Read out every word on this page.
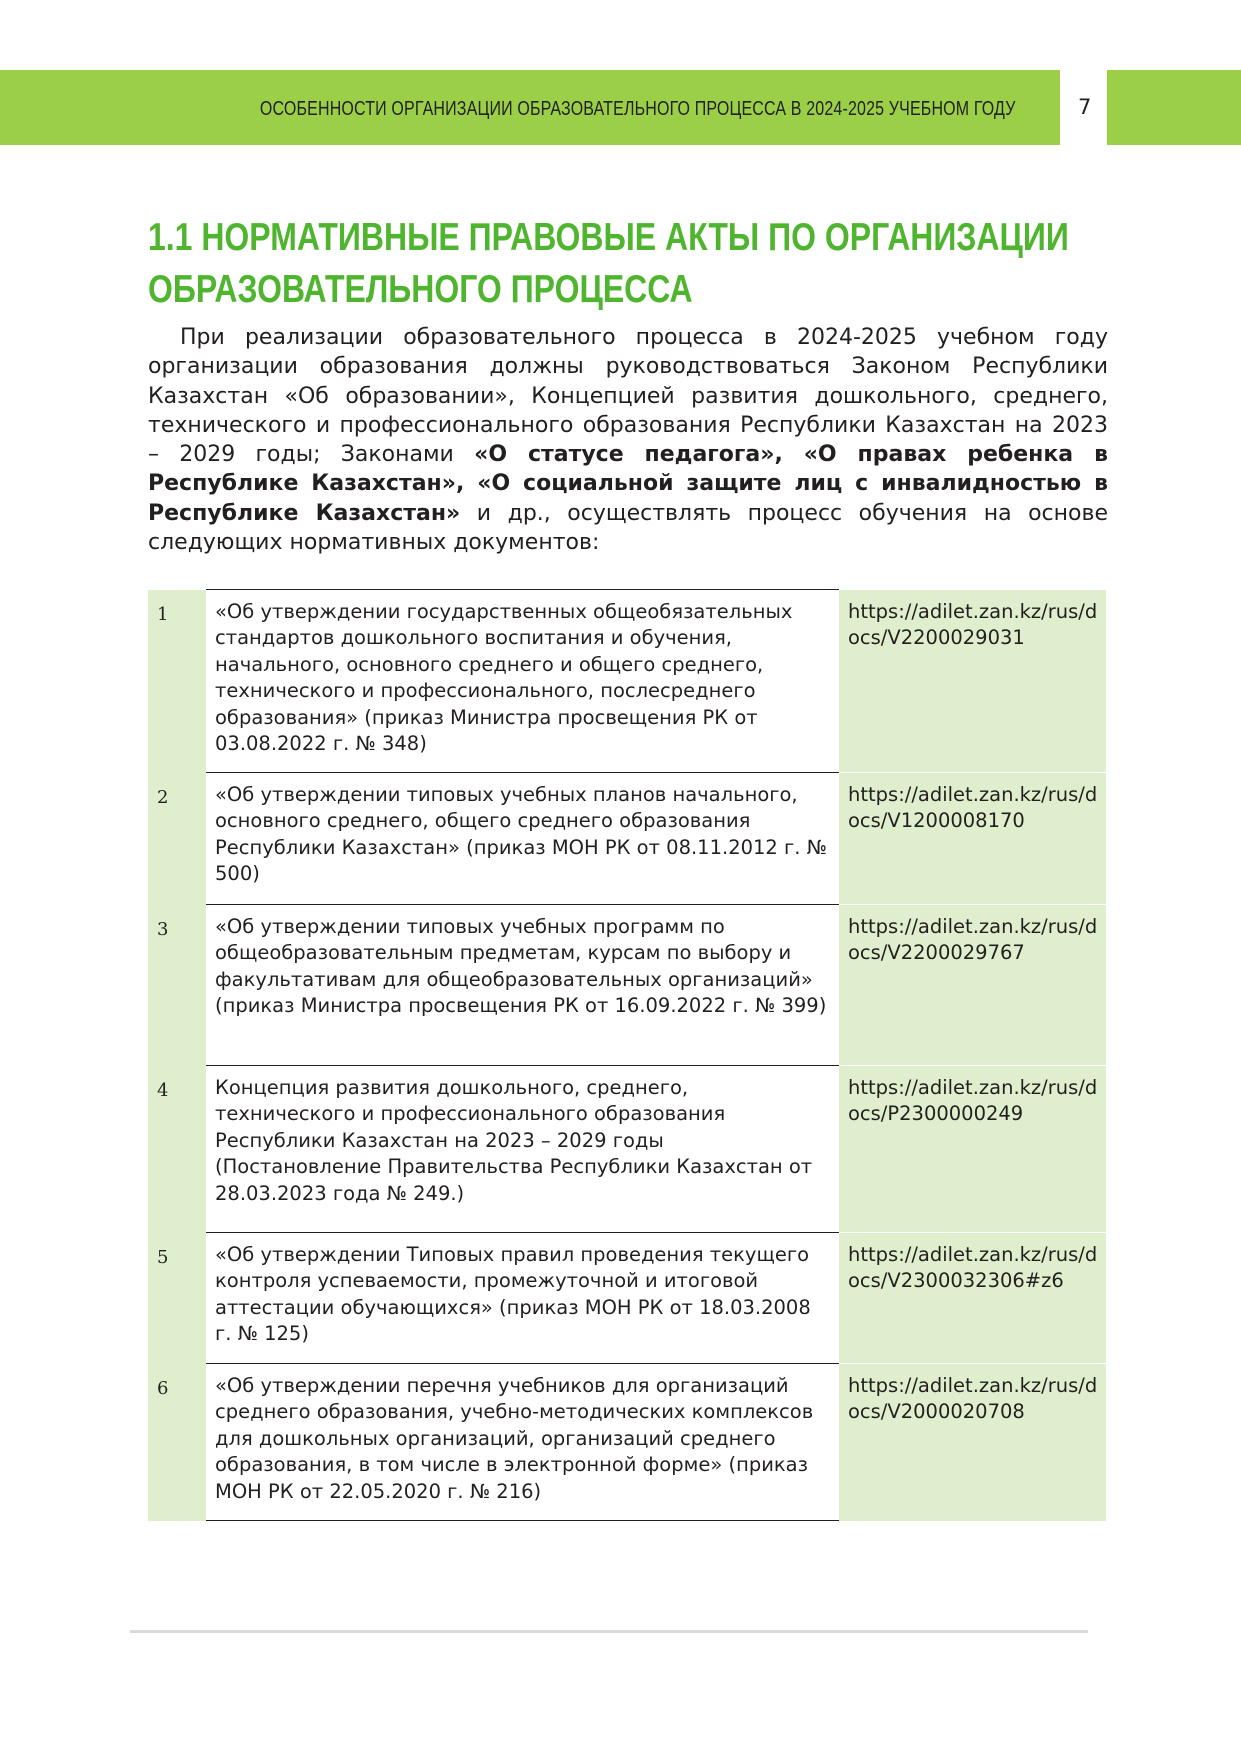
ОСОБЕННОСТИ ОРГАНИЗАЦИИ ОБРАЗОВАТЕЛЬНОГО ПРОЦЕССА В 2024-2025 УЧЕБНОМ ГОДУ	7
1.1 НОРМАТИВНЫЕ ПРАВОВЫЕ АКТЫ ПО ОРГАНИЗАЦИИ
ОБРАЗОВАТЕЛЬНОГО ПРОЦЕССА

При реализации образовательного процесса в 2024-2025 учебном году организации образования должны руководствоваться Законом Республики Казахстан «Об образовании», Концепцией развития дошкольного, среднего, технического и профессионального образования Республики Казахстан на 2023 – 2029 годы; Законами «О статусе педагога», «О правах ребенка в Республике Казахстан», «О социальной защите лиц с инвалидностью в Республике Казахстан» и др., осуществлять процесс обучения на основе следующих нормативных документов:

1	«Об утверждении государственных общеобязательных стандартов дошкольного воспитания и обучения, начального, основного среднего и общего среднего, технического и профессионального, послесреднего образования» (приказ Министра просвещения РК от 03.08.2022 г. № 348)	https://adilet.zan.kz/rus/docs/V2200029031
2	«Об утверждении типовых учебных планов начального, основного среднего, общего среднего образования Республики Казахстан» (приказ МОН РК от 08.11.2012 г. № 500)	https://adilet.zan.kz/rus/docs/V1200008170
3	«Об утверждении типовых учебных программ по общеобразовательным предметам, курсам по выбору и факультативам для общеобразовательных организаций» (приказ Министра просвещения РК от 16.09.2022 г. № 399)	https://adilet.zan.kz/rus/docs/V2200029767
4	Концепция развития дошкольного, среднего, технического и профессионального образования Республики Казахстан на 2023 – 2029 годы (Постановление Правительства Республики Казахстан от 28.03.2023 года № 249.)	https://adilet.zan.kz/rus/docs/P2300000249
5	«Об утверждении Типовых правил проведения текущего контроля успеваемости, промежуточной и итоговой аттестации обучающихся» (приказ МОН РК от 18.03.2008 г. № 125)	https://adilet.zan.kz/rus/docs/V2300032306#z6
6	«Об утверждении перечня учебников для организаций среднего образования, учебно-методических комплексов для дошкольных организаций, организаций среднего образования, в том числе в электронной форме» (приказ МОН РК от 22.05.2020 г. № 216)	https://adilet.zan.kz/rus/docs/V2000020708
